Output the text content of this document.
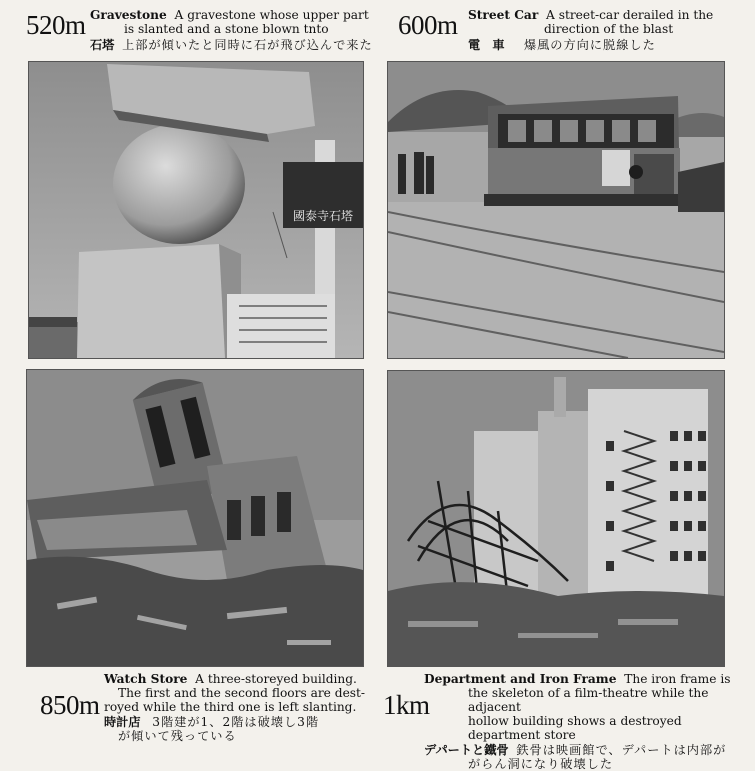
520m Gravestone A gravestone whose upper part
is slanted and a stone blown tnto
石塔 上部が傾いたと同時に石が飛び込んで来た
國泰寺石塔
600m Street Car A street-car derailed in the
direction of the blast
電　車 爆風の方向に脱線した
850m
Watch Store A three-storeyed building.
The first and the second floors are dest-
royed while the third one is left slanting.
時計店 3階建が1、2階は破壊し3階
が傾いて残っている
1km
Department and Iron Frame The iron frame is
the skeleton of a film-theatre while the adjacent
hollow building shows a destroyed department store
デパートと鐵骨 鉄骨は映画館で、デパートは内部が
がらん洞になり破壊した
